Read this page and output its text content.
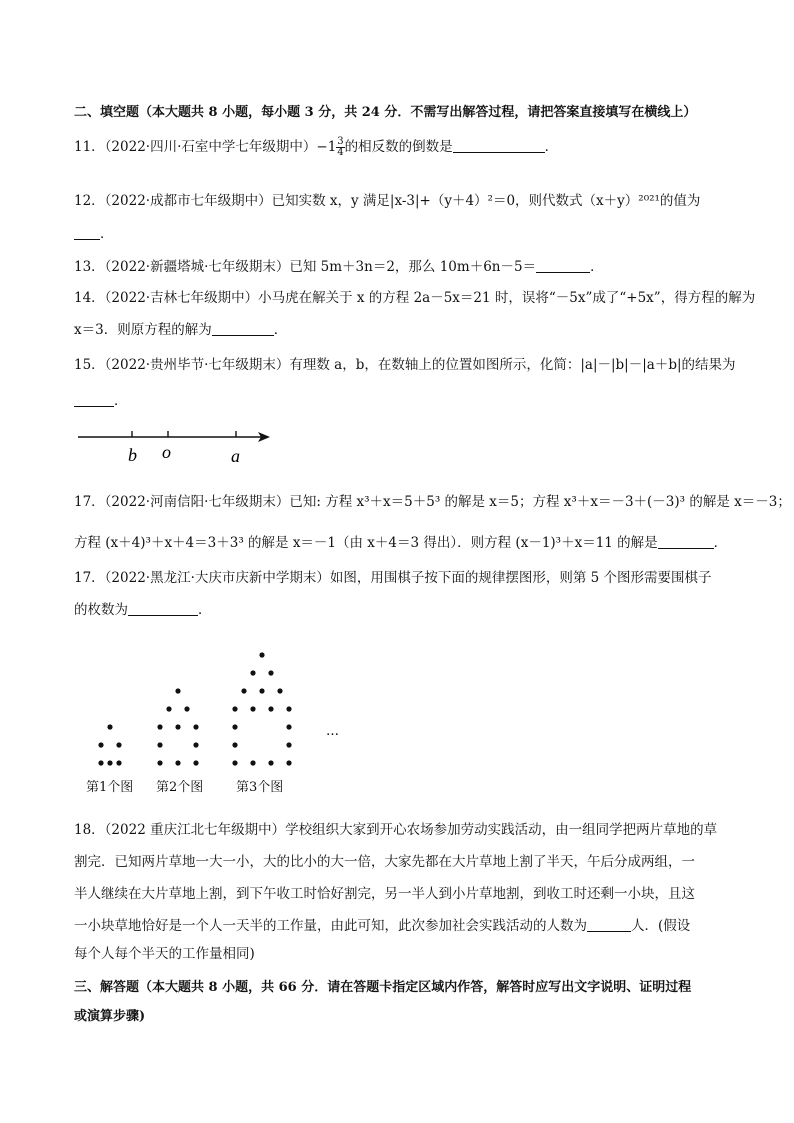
二、填空题（本大题共 8 小题，每小题 3 分，共 24 分．不需写出解答过程，请把答案直接填写在横线上）
11．（2022·四川·石室中学七年级期中）$-1 \frac{3}{4}$ 的相反数的倒数是	．
12．（2022·成都市七年级期中）已知实数 x，y 满足|x-3|+（y＋4）²＝0，则代数式（x＋y）²⁰²¹的值为
．
13．（2022·新疆塔城·七年级期末）已知 5m＋3n＝2，那么 10m＋6n－5＝	．
14．（2022·吉林七年级期中）小马虎在解关于 x 的方程 2a－5x＝21 时，误将“－5x”成了“+5x”，得方程的解为
x＝3．则原方程的解为	．
15．（2022·贵州毕节·七年级期末）有理数 a，b，在数轴上的位置如图所示，化简：|a|－|b|－|a＋b|的结果为
．
b o	a
17．（2022·河南信阳·七年级期末）已知: 方程 x³＋x＝5＋5³ 的解是 x＝5；方程 x³＋x＝－3＋(－3)³ 的解是 x＝－3；
方程 (x＋4)³＋x＋4＝3＋3³ 的解是 x＝－1（由 x＋4＝3 得出）．则方程 (x－1)³＋x＝11 的解是	．
17．（2022·黑龙江·大庆市庆新中学期末）如图，用围棋子按下面的规律摆图形，则第 5 个图形需要围棋子
的枚数为	．
…
第1个图 第2个图	第3个图
18．（2022 重庆江北七年级期中）学校组织大家到开心农场参加劳动实践活动，由一组同学把两片草地的草
割完．已知两片草地一大一小，大的比小的大一倍，大家先都在大片草地上割了半天，午后分成两组，一
半人继续在大片草地上割，到下午收工时恰好割完，另一半人到小片草地割，到收工时还剩一小块，且这
一小块草地恰好是一个人一天半的工作量，由此可知，此次参加社会实践活动的人数为	人．(假设
每个人每个半天的工作量相同)
三、解答题（本大题共 8 小题，共 66 分．请在答题卡指定区域内作答，解答时应写出文字说明、证明过程
或演算步骤)
